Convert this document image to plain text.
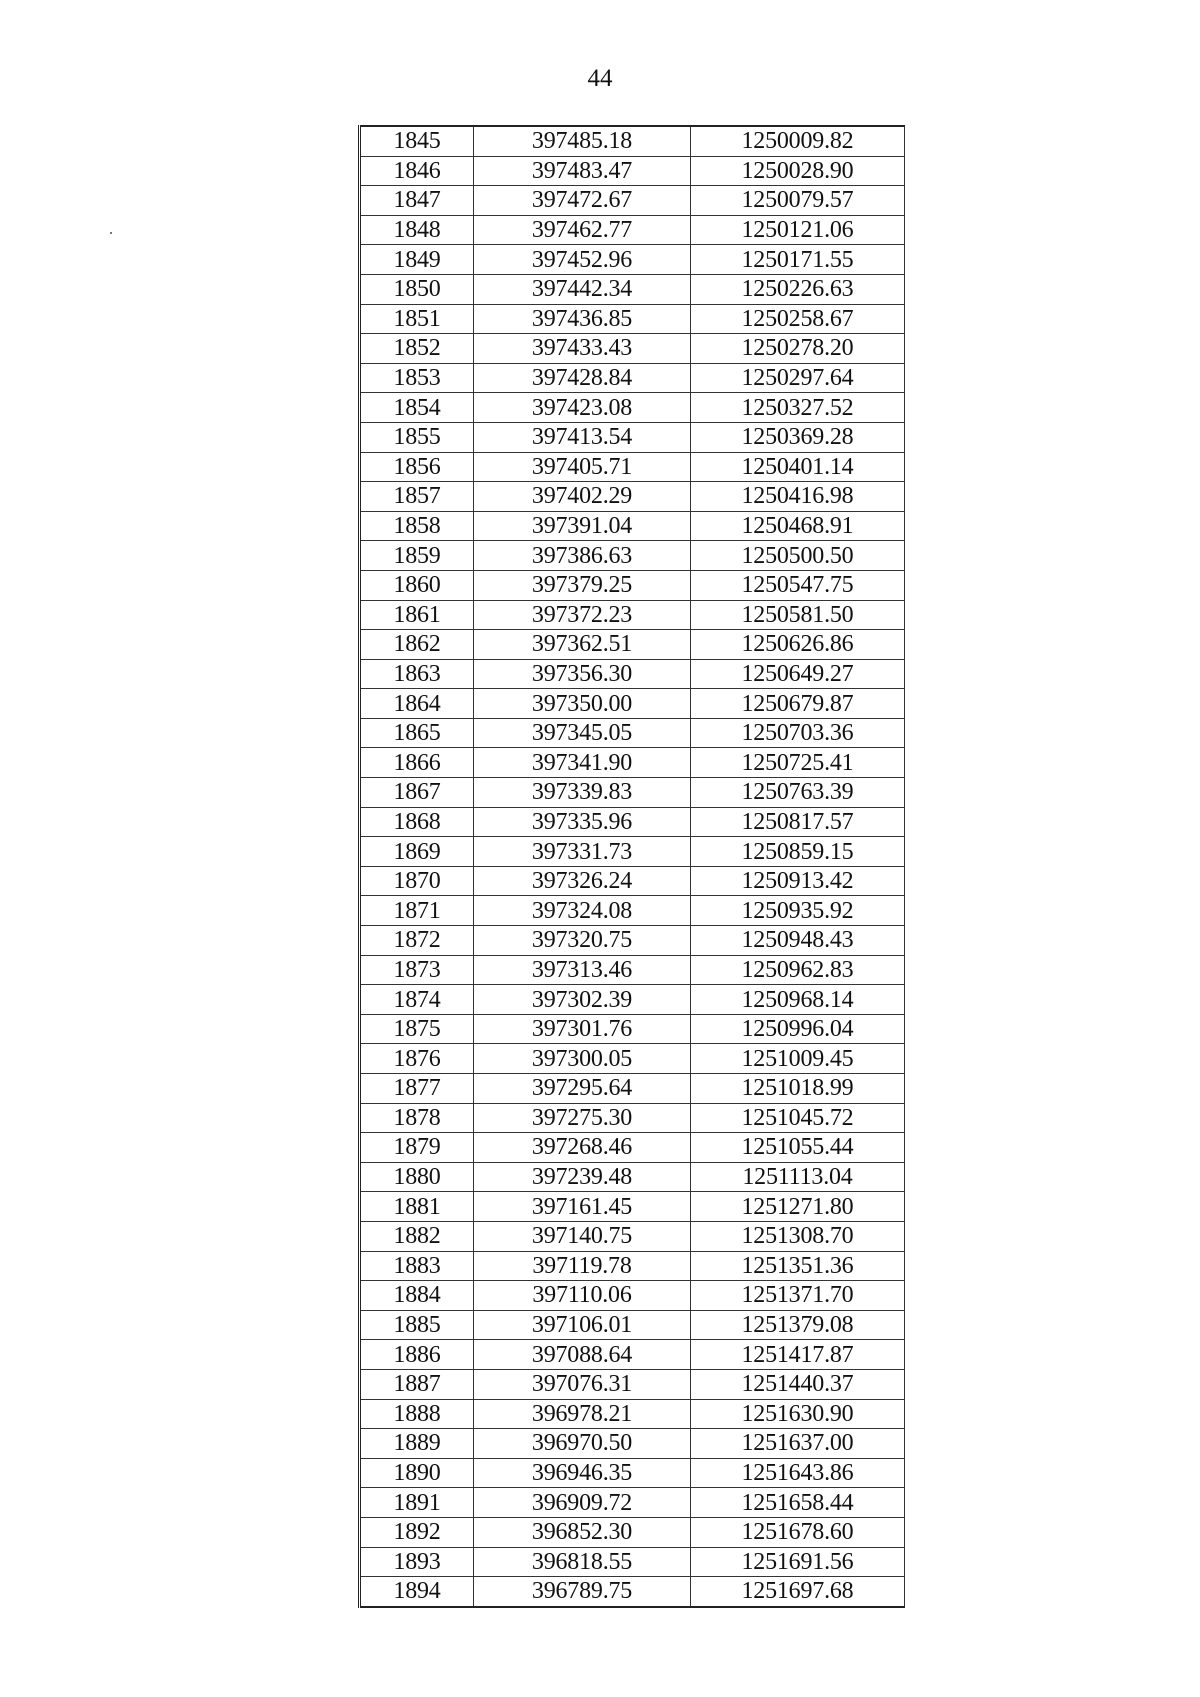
44
1845	397485.18	1250009.82
1846	397483.47	1250028.90
1847	397472.67	1250079.57
1848	397462.77	1250121.06
1849	397452.96	1250171.55
1850	397442.34	1250226.63
1851	397436.85	1250258.67
1852	397433.43	1250278.20
1853	397428.84	1250297.64
1854	397423.08	1250327.52
1855	397413.54	1250369.28
1856	397405.71	1250401.14
1857	397402.29	1250416.98
1858	397391.04	1250468.91
1859	397386.63	1250500.50
1860	397379.25	1250547.75
1861	397372.23	1250581.50
1862	397362.51	1250626.86
1863	397356.30	1250649.27
1864	397350.00	1250679.87
1865	397345.05	1250703.36
1866	397341.90	1250725.41
1867	397339.83	1250763.39
1868	397335.96	1250817.57
1869	397331.73	1250859.15
1870	397326.24	1250913.42
1871	397324.08	1250935.92
1872	397320.75	1250948.43
1873	397313.46	1250962.83
1874	397302.39	1250968.14
1875	397301.76	1250996.04
1876	397300.05	1251009.45
1877	397295.64	1251018.99
1878	397275.30	1251045.72
1879	397268.46	1251055.44
1880	397239.48	1251113.04
1881	397161.45	1251271.80
1882	397140.75	1251308.70
1883	397119.78	1251351.36
1884	397110.06	1251371.70
1885	397106.01	1251379.08
1886	397088.64	1251417.87
1887	397076.31	1251440.37
1888	396978.21	1251630.90
1889	396970.50	1251637.00
1890	396946.35	1251643.86
1891	396909.72	1251658.44
1892	396852.30	1251678.60
1893	396818.55	1251691.56
1894	396789.75	1251697.68
